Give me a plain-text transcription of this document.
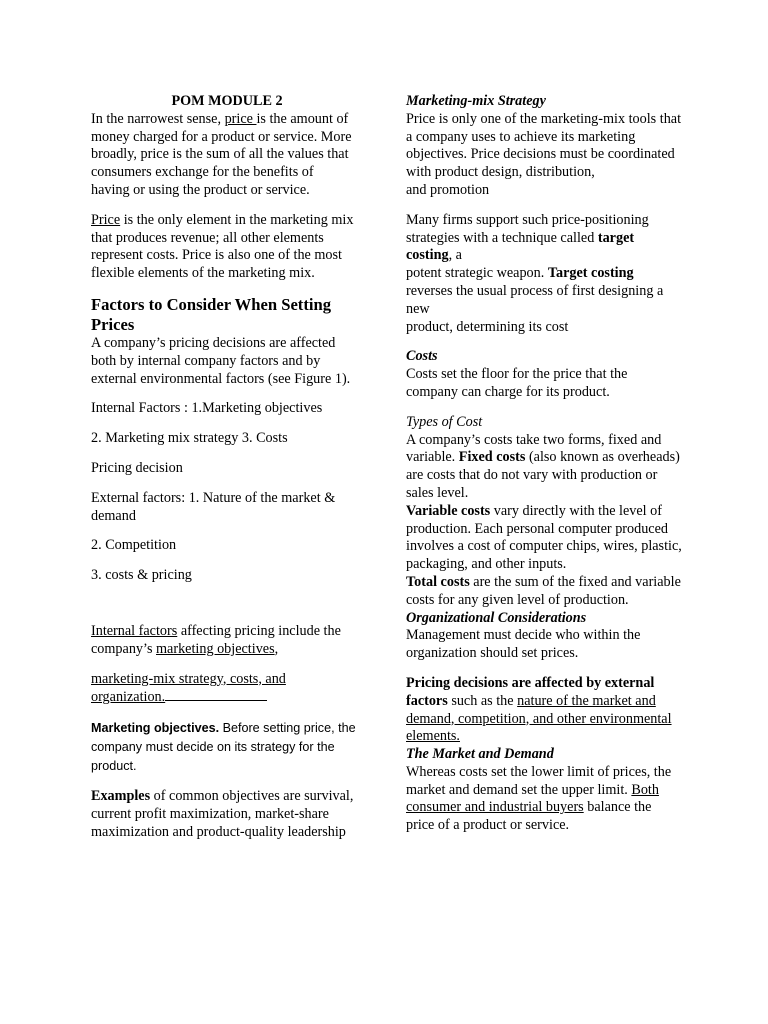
POM MODULE 2

In the narrowest sense, price is the amount of money charged for a product or service. More broadly, price is the sum of all the values that consumers exchange for the benefits of
having or using the product or service.

Price is the only element in the marketing mix that produces revenue; all other elements
represent costs. Price is also one of the most flexible elements of the marketing mix.

Factors to Consider When Setting Prices

A company’s pricing decisions are affected both by internal company factors and by external environmental factors (see Figure 1).

Internal Factors : 1.Marketing objectives

2. Marketing mix strategy 3. Costs

Pricing decision

External factors: 1. Nature of the market & demand

2. Competition

3. costs & pricing

Internal factors affecting pricing include the company’s marketing objectives,

marketing-mix strategy, costs, and organization.

Marketing objectives. Before setting price, the company must decide on its strategy for the product.

Examples of common objectives are survival, current profit maximization, market-share maximization and product-quality leadership

Marketing-mix Strategy

Price is only one of the marketing-mix tools that a company uses to achieve its marketing objectives. Price decisions must be coordinated with product design, distribution,
and promotion

Many firms support such price-positioning strategies with a technique called target costing, a
potent strategic weapon. Target costing reverses the usual process of first designing a new
product, determining its cost

Costs

Costs set the floor for the price that the company can charge for its product.

Types of Cost

A company’s costs take two forms, fixed and variable. Fixed costs (also known as overheads) are costs that do not vary with production or sales level.

Variable costs vary directly with the level of production. Each personal computer produced involves a cost of computer chips, wires, plastic, packaging, and other inputs.

Total costs are the sum of the fixed and variable costs for any given level of production.

Organizational Considerations

Management must decide who within the organization should set prices.

Pricing decisions are affected by external factors such as the nature of the market and demand, competition, and other environmental elements.

The Market and Demand

Whereas costs set the lower limit of prices, the market and demand set the upper limit. Both consumer and industrial buyers balance the price of a product or service.
